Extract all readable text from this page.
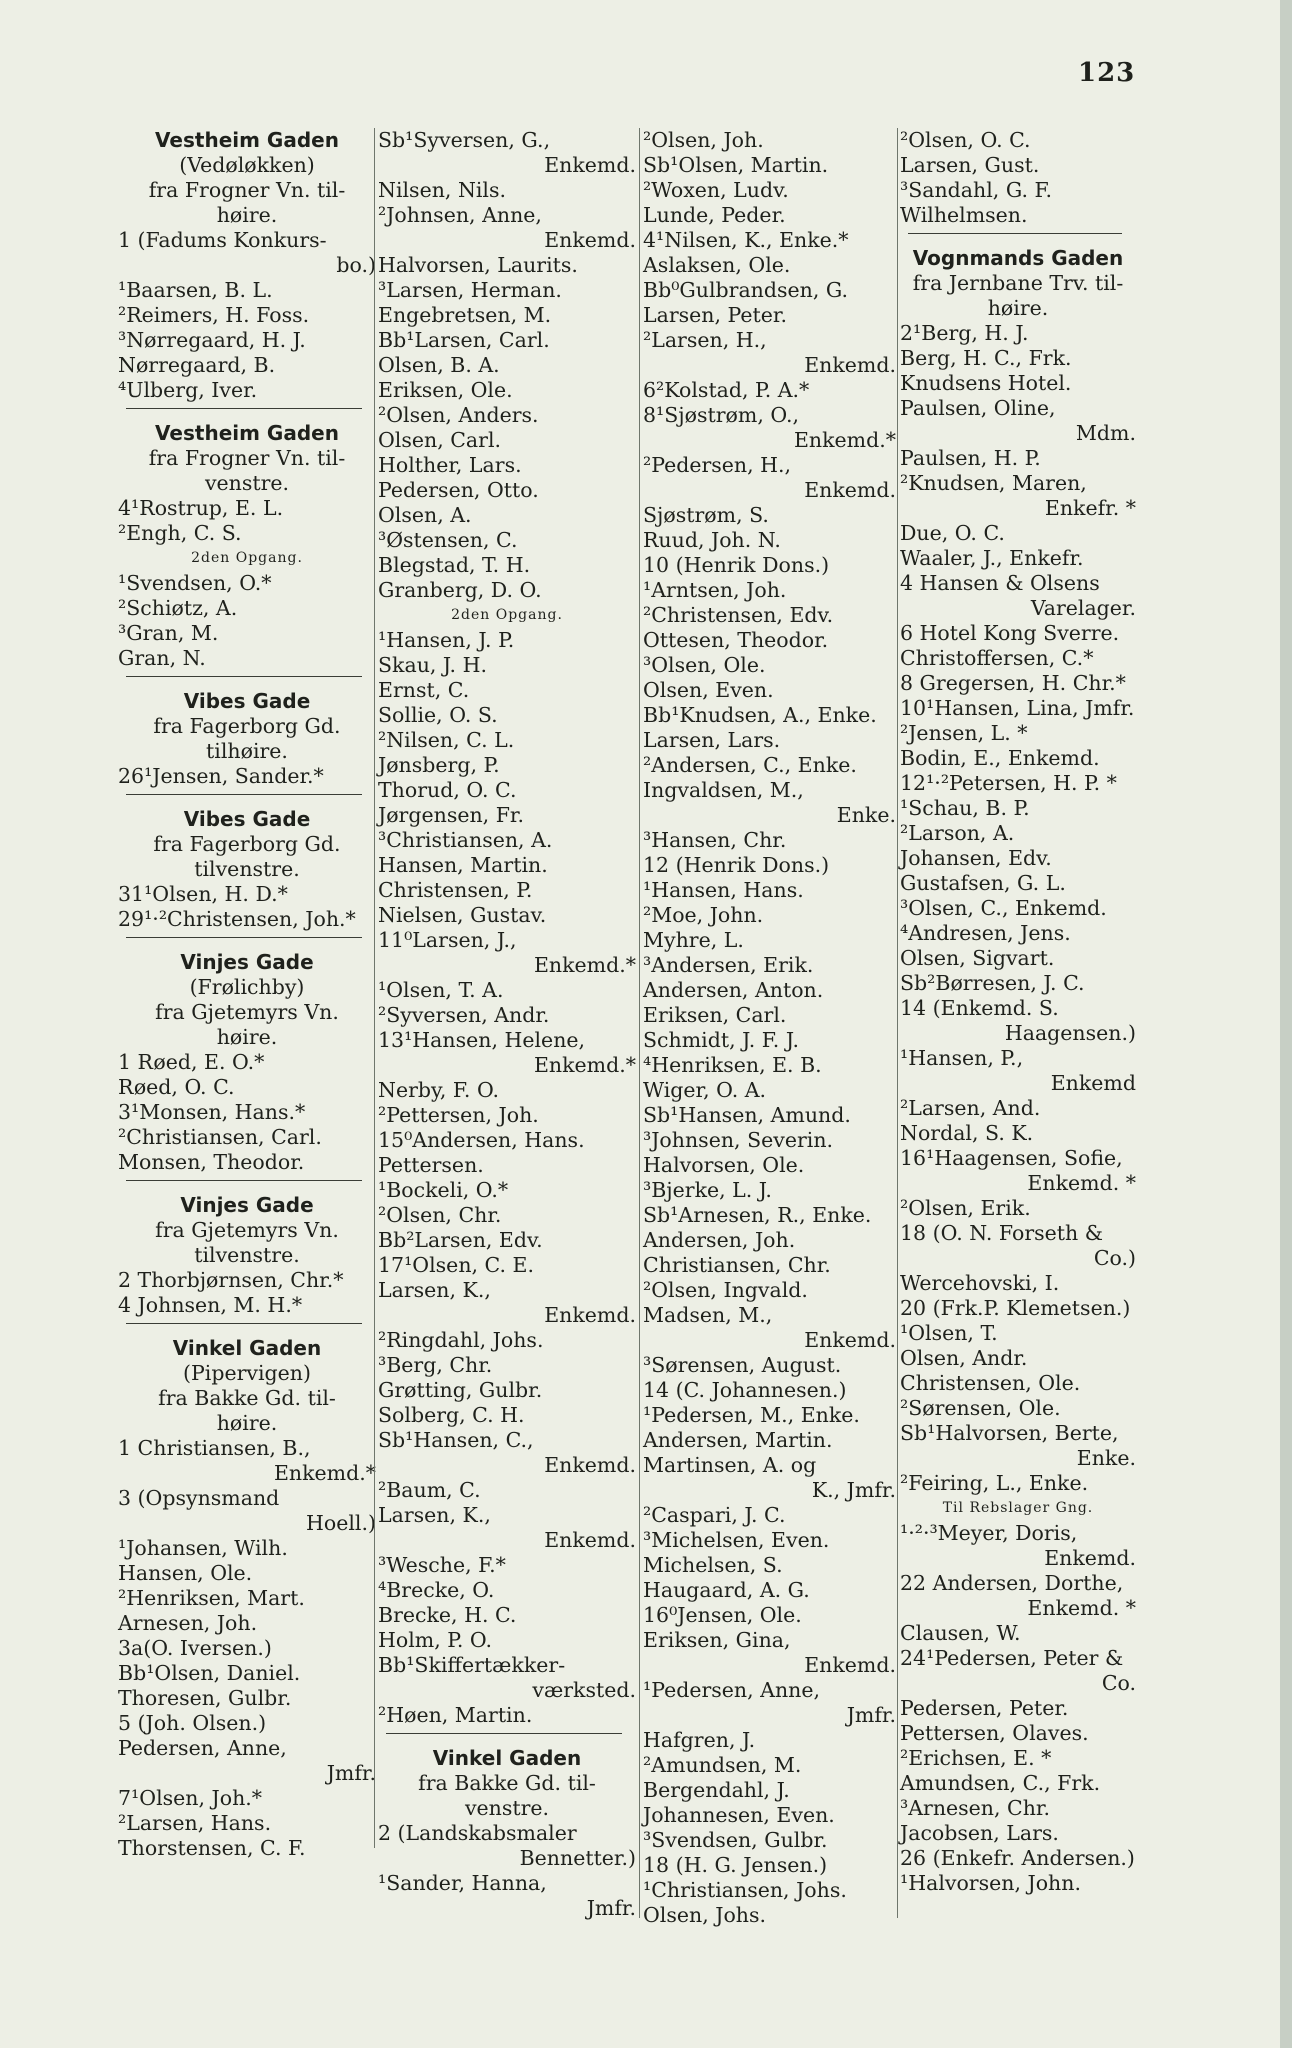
123
Vestheim Gaden
(Vedøløkken)
fra Frogner Vn. til-
høire.
1 (Fadums Konkurs-
bo.)
¹Baarsen, B. L.
²Reimers, H. Foss.
³Nørregaard, H. J.
Nørregaard, B.
⁴Ulberg, Iver.
Vestheim Gaden
fra Frogner Vn. til-
venstre.
4¹Rostrup, E. L.
²Engh, C. S.
2den Opgang.
¹Svendsen, O.*
²Schiøtz, A.
³Gran, M.
Gran, N.
Vibes Gade
fra Fagerborg Gd.
tilhøire.
26¹Jensen, Sander.*
Vibes Gade
fra Fagerborg Gd.
tilvenstre.
31¹Olsen, H. D.*
29¹·²Christensen, Joh.*
Vinjes Gade
(Frølichby)
fra Gjetemyrs Vn.
høire.
1 Røed, E. O.*
Røed, O. C.
3¹Monsen, Hans.*
²Christiansen, Carl.
Monsen, Theodor.
Vinjes Gade
fra Gjetemyrs Vn.
tilvenstre.
2 Thorbjørnsen, Chr.*
4 Johnsen, M. H.*
Vinkel Gaden
(Pipervigen)
fra Bakke Gd. til-
høire.
1 Christiansen, B.,
Enkemd.*
3 (Opsynsmand
Hoell.)
¹Johansen, Wilh.
Hansen, Ole.
²Henriksen, Mart.
Arnesen, Joh.
3a(O. Iversen.)
Bb¹Olsen, Daniel.
Thoresen, Gulbr.
5 (Joh. Olsen.)
Pedersen, Anne,
Jmfr.
7¹Olsen, Joh.*
²Larsen, Hans.
Thorstensen, C. F.
Sb¹Syversen, G.,
Enkemd.
Nilsen, Nils.
²Johnsen, Anne,
Enkemd.
Halvorsen, Laurits.
³Larsen, Herman.
Engebretsen, M.
Bb¹Larsen, Carl.
Olsen, B. A.
Eriksen, Ole.
²Olsen, Anders.
Olsen, Carl.
Holther, Lars.
Pedersen, Otto.
Olsen, A.
³Østensen, C.
Blegstad, T. H.
Granberg, D. O.
2den Opgang.
¹Hansen, J. P.
Skau, J. H.
Ernst, C.
Sollie, O. S.
²Nilsen, C. L.
Jønsberg, P.
Thorud, O. C.
Jørgensen, Fr.
³Christiansen, A.
Hansen, Martin.
Christensen, P.
Nielsen, Gustav.
11⁰Larsen, J.,
Enkemd.*
¹Olsen, T. A.
²Syversen, Andr.
13¹Hansen, Helene,
Enkemd.*
Nerby, F. O.
²Pettersen, Joh.
15⁰Andersen, Hans.
Pettersen.
¹Bockeli, O.*
²Olsen, Chr.
Bb²Larsen, Edv.
17¹Olsen, C. E.
Larsen, K.,
Enkemd.
²Ringdahl, Johs.
³Berg, Chr.
Grøtting, Gulbr.
Solberg, C. H.
Sb¹Hansen, C.,
Enkemd.
²Baum, C.
Larsen, K.,
Enkemd.
³Wesche, F.*
⁴Brecke, O.
Brecke, H. C.
Holm, P. O.
Bb¹Skiffertækker-
værksted.
²Høen, Martin.
Vinkel Gaden
fra Bakke Gd. til-
venstre.
2 (Landskabsmaler
Bennetter.)
¹Sander, Hanna,
Jmfr.
²Olsen, Joh.
Sb¹Olsen, Martin.
²Woxen, Ludv.
Lunde, Peder.
4¹Nilsen, K., Enke.*
Aslaksen, Ole.
Bb⁰Gulbrandsen, G.
Larsen, Peter.
²Larsen, H.,
Enkemd.
6²Kolstad, P. A.*
8¹Sjøstrøm, O.,
Enkemd.*
²Pedersen, H.,
Enkemd.
Sjøstrøm, S.
Ruud, Joh. N.
10 (Henrik Dons.)
¹Arntsen, Joh.
²Christensen, Edv.
Ottesen, Theodor.
³Olsen, Ole.
Olsen, Even.
Bb¹Knudsen, A., Enke.
Larsen, Lars.
²Andersen, C., Enke.
Ingvaldsen, M.,
Enke.
³Hansen, Chr.
12 (Henrik Dons.)
¹Hansen, Hans.
²Moe, John.
Myhre, L.
³Andersen, Erik.
Andersen, Anton.
Eriksen, Carl.
Schmidt, J. F. J.
⁴Henriksen, E. B.
Wiger, O. A.
Sb¹Hansen, Amund.
³Johnsen, Severin.
Halvorsen, Ole.
³Bjerke, L. J.
Sb¹Arnesen, R., Enke.
Andersen, Joh.
Christiansen, Chr.
²Olsen, Ingvald.
Madsen, M.,
Enkemd.
³Sørensen, August.
14 (C. Johannesen.)
¹Pedersen, M., Enke.
Andersen, Martin.
Martinsen, A. og
K., Jmfr.
²Caspari, J. C.
³Michelsen, Even.
Michelsen, S.
Haugaard, A. G.
16⁰Jensen, Ole.
Eriksen, Gina,
Enkemd.
¹Pedersen, Anne,
Jmfr.
Hafgren, J.
²Amundsen, M.
Bergendahl, J.
Johannesen, Even.
³Svendsen, Gulbr.
18 (H. G. Jensen.)
¹Christiansen, Johs.
Olsen, Johs.
²Olsen, O. C.
Larsen, Gust.
³Sandahl, G. F.
Wilhelmsen.
Vognmands Gaden
fra Jernbane Trv. til-
høire.
2¹Berg, H. J.
Berg, H. C., Frk.
Knudsens Hotel.
Paulsen, Oline,
Mdm.
Paulsen, H. P.
²Knudsen, Maren,
Enkefr. *
Due, O. C.
Waaler, J., Enkefr.
4 Hansen & Olsens
Varelager.
6 Hotel Kong Sverre.
Christoffersen, C.*
8 Gregersen, H. Chr.*
10¹Hansen, Lina, Jmfr.
²Jensen, L. *
Bodin, E., Enkemd.
12¹·²Petersen, H. P. *
¹Schau, B. P.
²Larson, A.
Johansen, Edv.
Gustafsen, G. L.
³Olsen, C., Enkemd.
⁴Andresen, Jens.
Olsen, Sigvart.
Sb²Børresen, J. C.
14 (Enkemd. S.
Haagensen.)
¹Hansen, P.,
Enkemd
²Larsen, And.
Nordal, S. K.
16¹Haagensen, Sofie,
Enkemd. *
²Olsen, Erik.
18 (O. N. Forseth &
Co.)
Wercehovski, I.
20 (Frk.P. Klemetsen.)
¹Olsen, T.
Olsen, Andr.
Christensen, Ole.
²Sørensen, Ole.
Sb¹Halvorsen, Berte,
Enke.
²Feiring, L., Enke.
Til Rebslager Gng.
¹·²·³Meyer, Doris,
Enkemd.
22 Andersen, Dorthe,
Enkemd. *
Clausen, W.
24¹Pedersen, Peter &
Co.
Pedersen, Peter.
Pettersen, Olaves.
²Erichsen, E. *
Amundsen, C., Frk.
³Arnesen, Chr.
Jacobsen, Lars.
26 (Enkefr. Andersen.)
¹Halvorsen, John.
